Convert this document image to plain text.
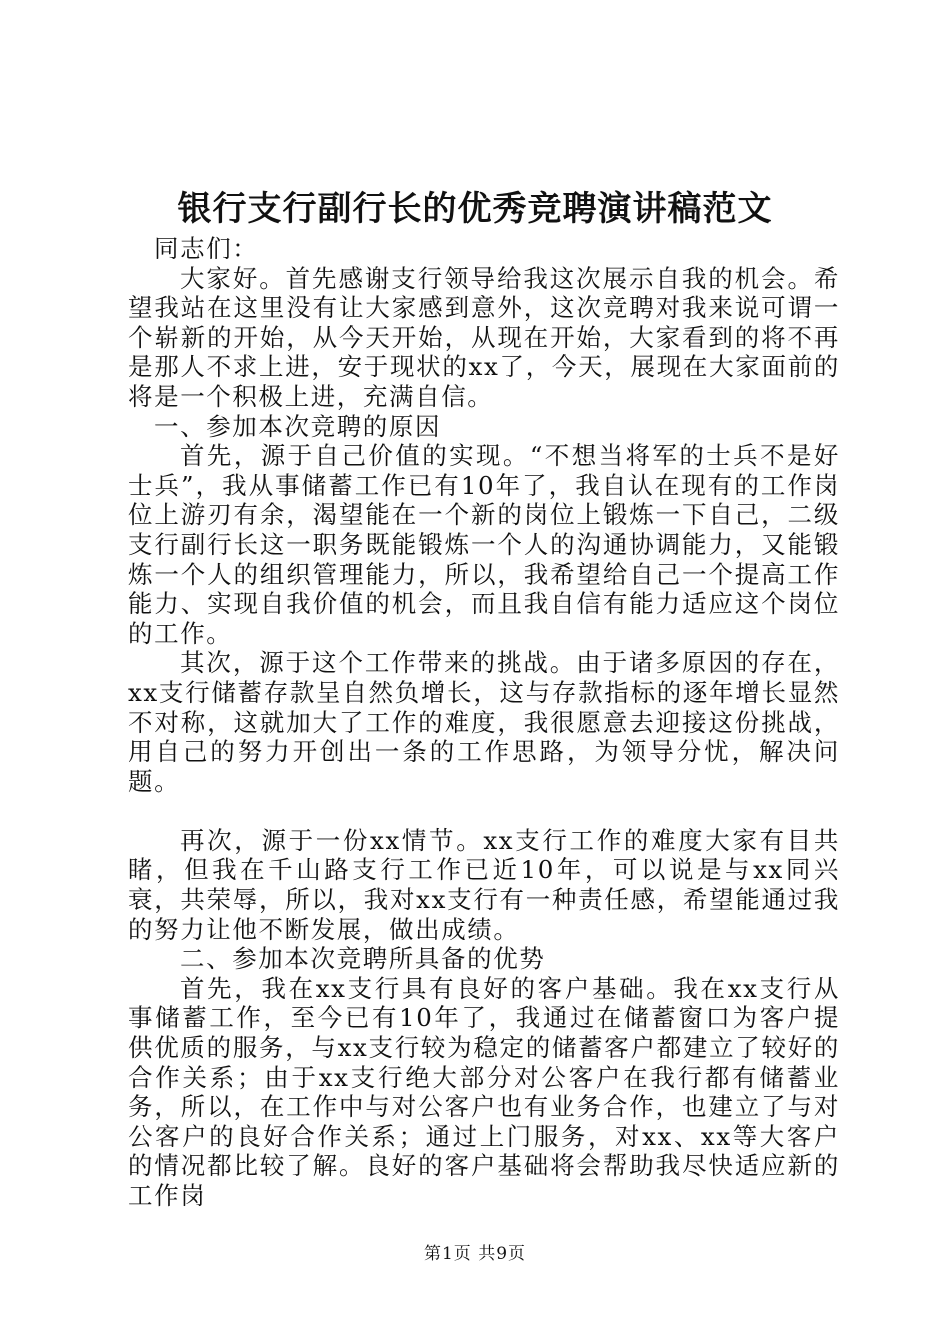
银行支行副行长的优秀竞聘演讲稿范文

同志们：

大家好。首先感谢支行领导给我这次展示自我的机会。希望我站在这里没有让大家感到意外，这次竞聘对我来说可谓一个崭新的开始，从今天开始，从现在开始，大家看到的将不再是那人不求上进，安于现状的xx了，今天，展现在大家面前的将是一个积极上进，充满自信。

一、参加本次竞聘的原因

首先，源于自己价值的实现。“不想当将军的士兵不是好士兵”，我从事储蓄工作已有10年了，我自认在现有的工作岗位上游刃有余，渴望能在一个新的岗位上锻炼一下自己，二级支行副行长这一职务既能锻炼一个人的沟通协调能力，又能锻炼一个人的组织管理能力，所以，我希望给自己一个提高工作能力、实现自我价值的机会，而且我自信有能力适应这个岗位的工作。

其次，源于这个工作带来的挑战。由于诸多原因的存在，xx支行储蓄存款呈自然负增长，这与存款指标的逐年增长显然不对称，这就加大了工作的难度，我很愿意去迎接这份挑战，用自己的努力开创出一条的工作思路，为领导分忧，解决问题。

再次，源于一份xx情节。xx支行工作的难度大家有目共睹，但我在千山路支行工作已近10年，可以说是与xx同兴衰，共荣辱，所以，我对xx支行有一种责任感，希望能通过我的努力让他不断发展，做出成绩。

二、参加本次竞聘所具备的优势

首先，我在xx支行具有良好的客户基础。我在xx支行从事储蓄工作，至今已有10年了，我通过在储蓄窗口为客户提供优质的服务，与xx支行较为稳定的储蓄客户都建立了较好的合作关系；由于xx支行绝大部分对公客户在我行都有储蓄业务，所以，在工作中与对公客户也有业务合作，也建立了与对公客户的良好合作关系；通过上门服务，对xx、xx等大客户的情况都比较了解。良好的客户基础将会帮助我尽快适应新的工作岗

第1页 共9页
